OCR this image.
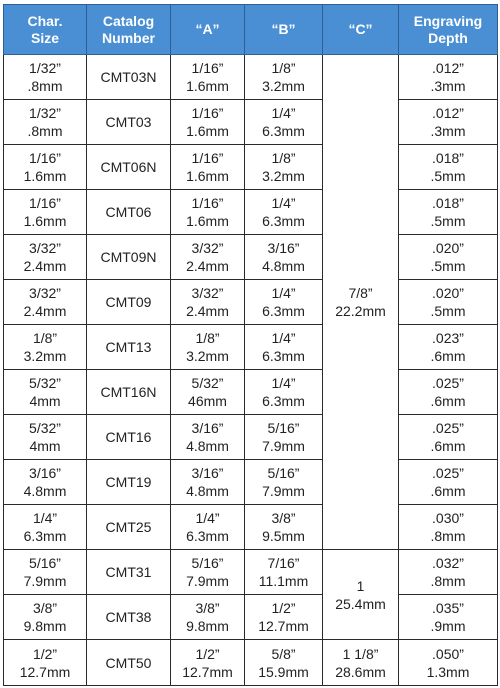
Char.
Size	Catalog
Number	“A”	“B”	“C”	Engraving
Depth

1/32”
.8mm	CMT03N	1/16”
1.6mm	1/8”
3.2mm	7/8”
22.2mm	.012”
.3mm

1/32”
.8mm	CMT03	1/16”
1.6mm	1/4”
6.3mm		.012”
.3mm

1/16”
1.6mm	CMT06N	1/16”
1.6mm	1/8”
3.2mm		.018”
.5mm

1/16”
1.6mm	CMT06	1/16”
1.6mm	1/4”
6.3mm		.018”
.5mm

3/32”
2.4mm	CMT09N	3/32”
2.4mm	3/16”
4.8mm		.020”
.5mm

3/32”
2.4mm	CMT09	3/32”
2.4mm	1/4”
6.3mm		.020”
.5mm

1/8”
3.2mm	CMT13	1/8”
3.2mm	1/4”
6.3mm		.023”
.6mm

5/32”
4mm	CMT16N	5/32”
46mm	1/4”
6.3mm		.025”
.6mm

5/32”
4mm	CMT16	3/16”
4.8mm	5/16”
7.9mm		.025”
.6mm

3/16”
4.8mm	CMT19	3/16”
4.8mm	5/16”
7.9mm		.025”
.6mm

1/4”
6.3mm	CMT25	1/4”
6.3mm	3/8”
9.5mm		.030”
.8mm

5/16”
7.9mm	CMT31	5/16”
7.9mm	7/16”
11.1mm	1
25.4mm	.032”
.8mm

3/8”
9.8mm	CMT38	3/8”
9.8mm	1/2”
12.7mm		.035”
.9mm

1/2”
12.7mm	CMT50	1/2”
12.7mm	5/8”
15.9mm	1 1/8”
28.6mm	.050”
1.3mm
